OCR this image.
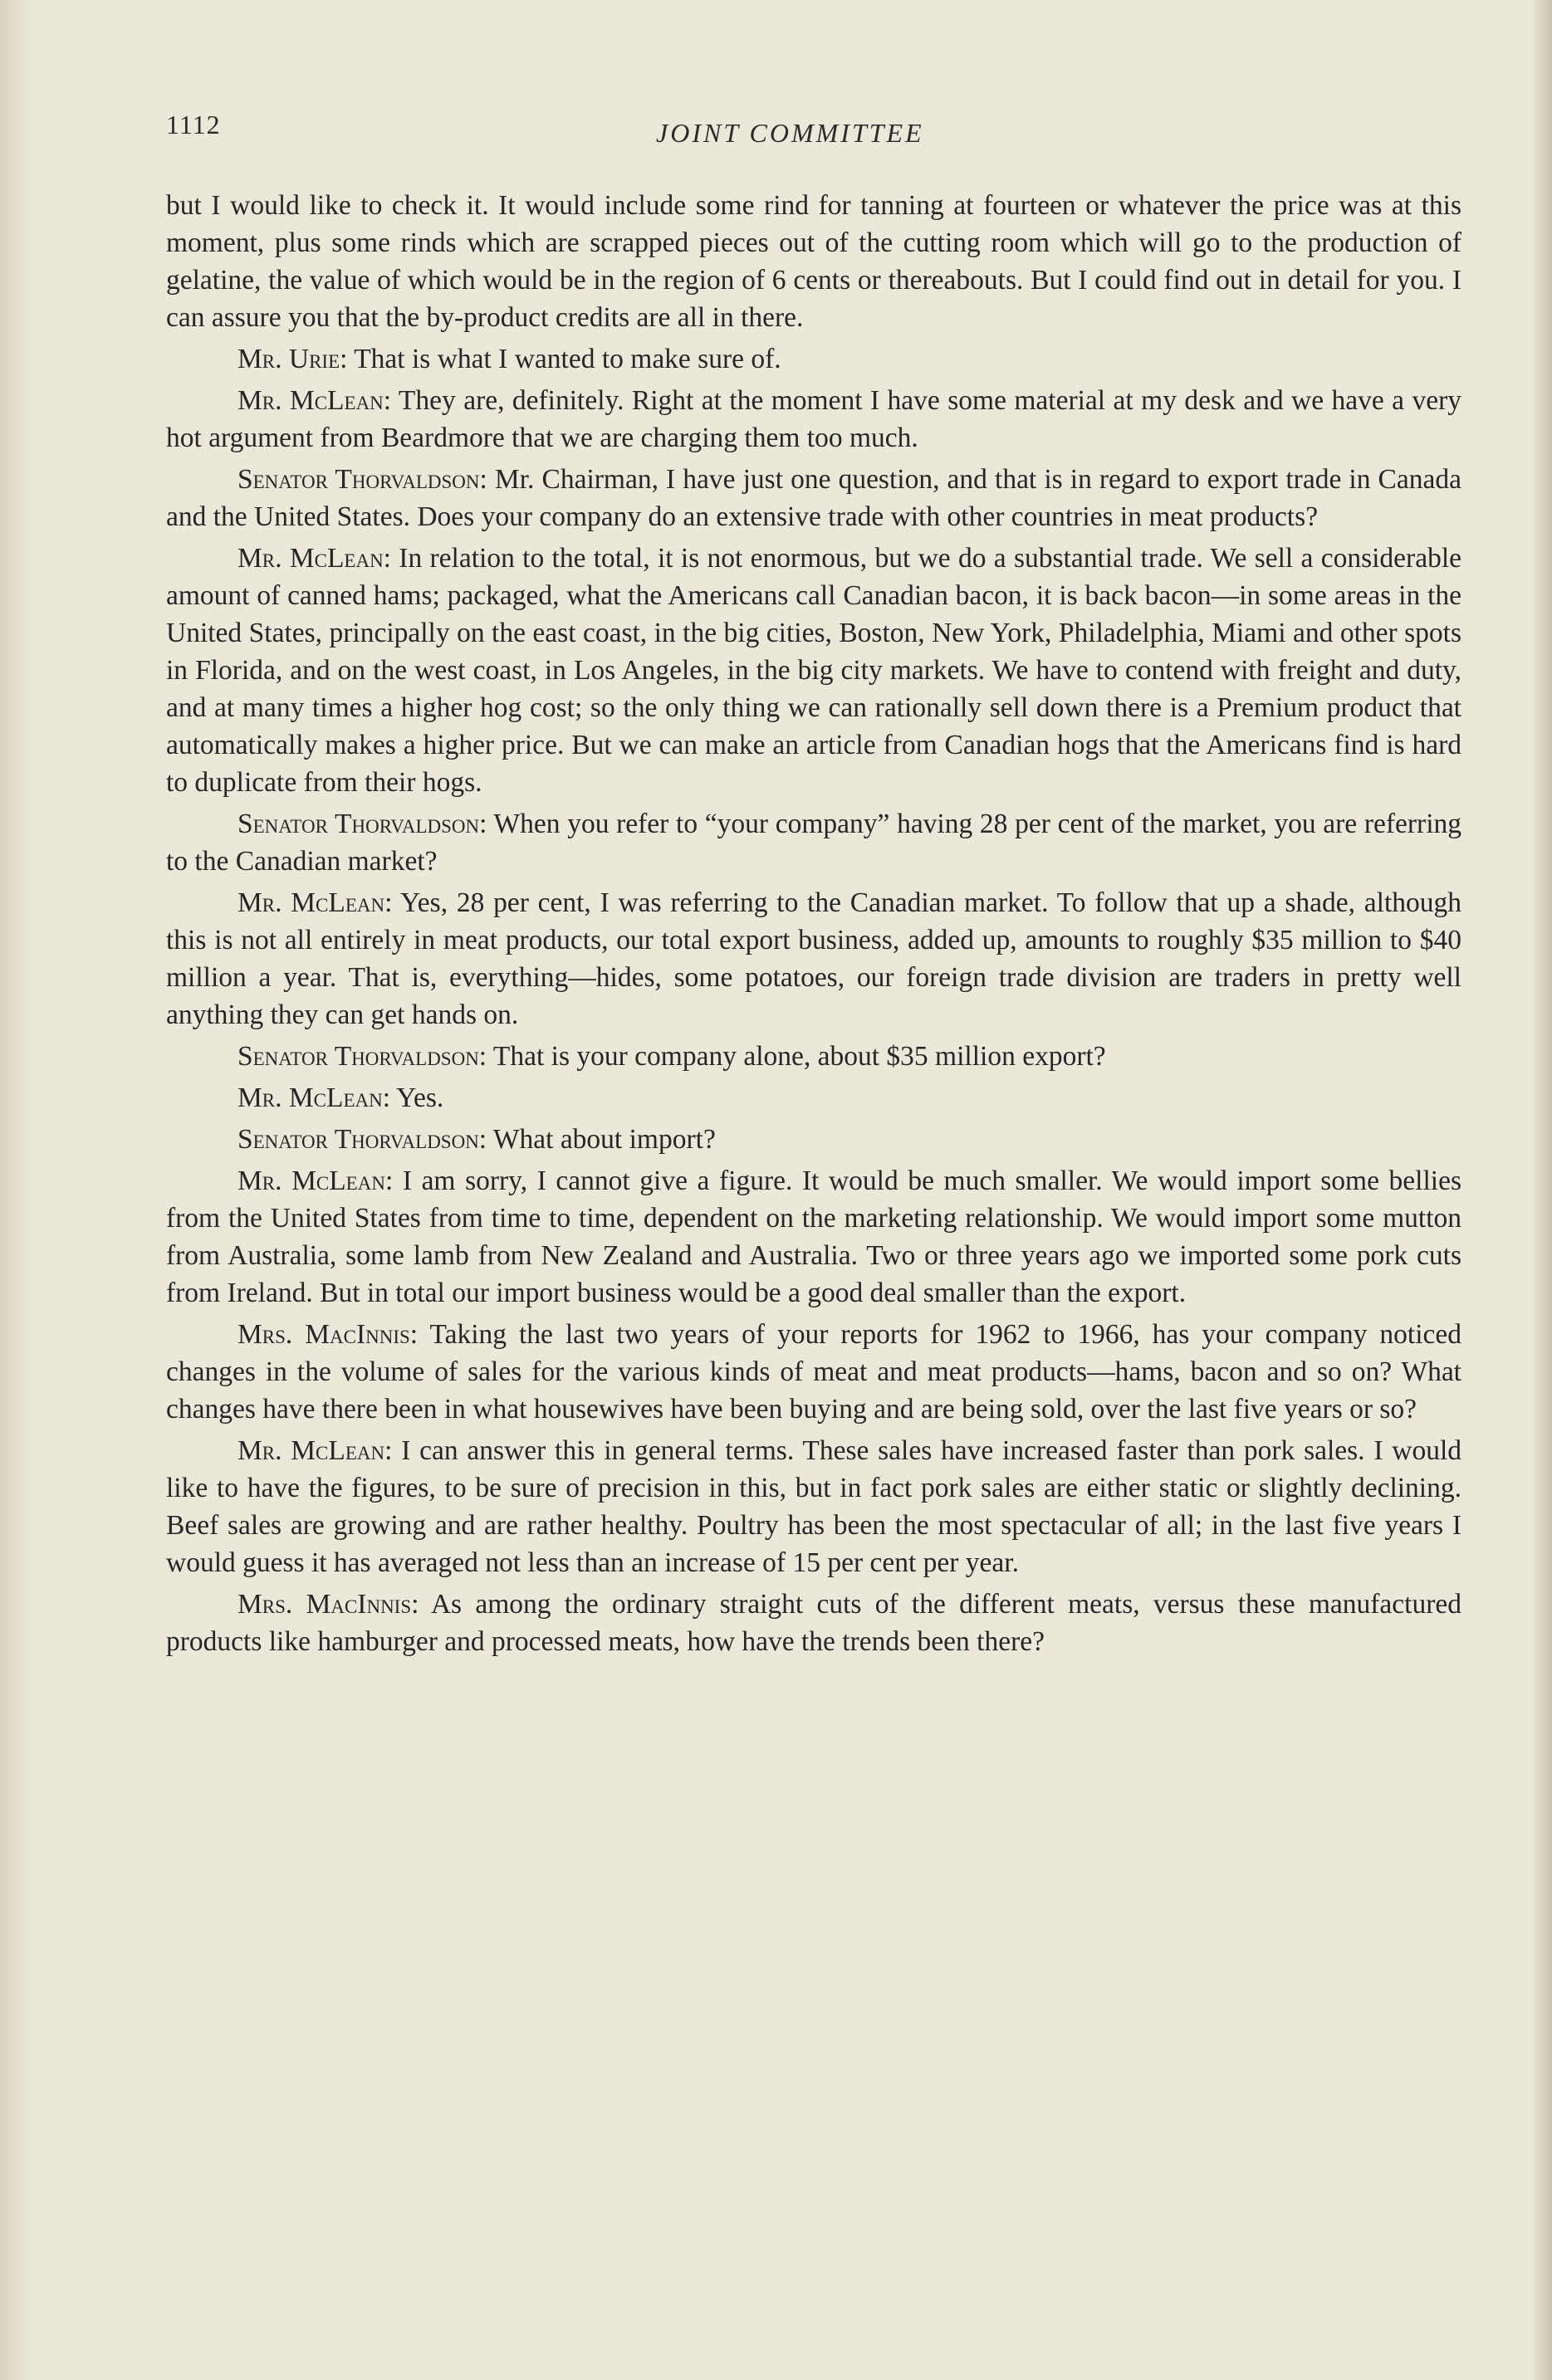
1112	JOINT COMMITTEE

but I would like to check it. It would include some rind for tanning at fourteen or whatever the price was at this moment, plus some rinds which are scrapped pieces out of the cutting room which will go to the production of gelatine, the value of which would be in the region of 6 cents or thereabouts. But I could find out in detail for you. I can assure you that the by-product credits are all in there.

Mr. Urie: That is what I wanted to make sure of.

Mr. McLean: They are, definitely. Right at the moment I have some material at my desk and we have a very hot argument from Beardmore that we are charging them too much.

Senator Thorvaldson: Mr. Chairman, I have just one question, and that is in regard to export trade in Canada and the United States. Does your company do an extensive trade with other countries in meat products?

Mr. McLean: In relation to the total, it is not enormous, but we do a substantial trade. We sell a considerable amount of canned hams; packaged, what the Americans call Canadian bacon, it is back bacon—in some areas in the United States, principally on the east coast, in the big cities, Boston, New York, Philadelphia, Miami and other spots in Florida, and on the west coast, in Los Angeles, in the big city markets. We have to contend with freight and duty, and at many times a higher hog cost; so the only thing we can rationally sell down there is a Premium product that automatically makes a higher price. But we can make an article from Canadian hogs that the Americans find is hard to duplicate from their hogs.

Senator Thorvaldson: When you refer to “your company” having 28 per cent of the market, you are referring to the Canadian market?

Mr. McLean: Yes, 28 per cent, I was referring to the Canadian market. To follow that up a shade, although this is not all entirely in meat products, our total export business, added up, amounts to roughly $35 million to $40 million a year. That is, everything—hides, some potatoes, our foreign trade division are traders in pretty well anything they can get hands on.

Senator Thorvaldson: That is your company alone, about $35 million export?

Mr. McLean: Yes.

Senator Thorvaldson: What about import?

Mr. McLean: I am sorry, I cannot give a figure. It would be much smaller. We would import some bellies from the United States from time to time, dependent on the marketing relationship. We would import some mutton from Australia, some lamb from New Zealand and Australia. Two or three years ago we imported some pork cuts from Ireland. But in total our import business would be a good deal smaller than the export.

Mrs. MacInnis: Taking the last two years of your reports for 1962 to 1966, has your company noticed changes in the volume of sales for the various kinds of meat and meat products—hams, bacon and so on? What changes have there been in what housewives have been buying and are being sold, over the last five years or so?

Mr. McLean: I can answer this in general terms. These sales have increased faster than pork sales. I would like to have the figures, to be sure of precision in this, but in fact pork sales are either static or slightly declining. Beef sales are growing and are rather healthy. Poultry has been the most spectacular of all; in the last five years I would guess it has averaged not less than an increase of 15 per cent per year.

Mrs. MacInnis: As among the ordinary straight cuts of the different meats, versus these manufactured products like hamburger and processed meats, how have the trends been there?
